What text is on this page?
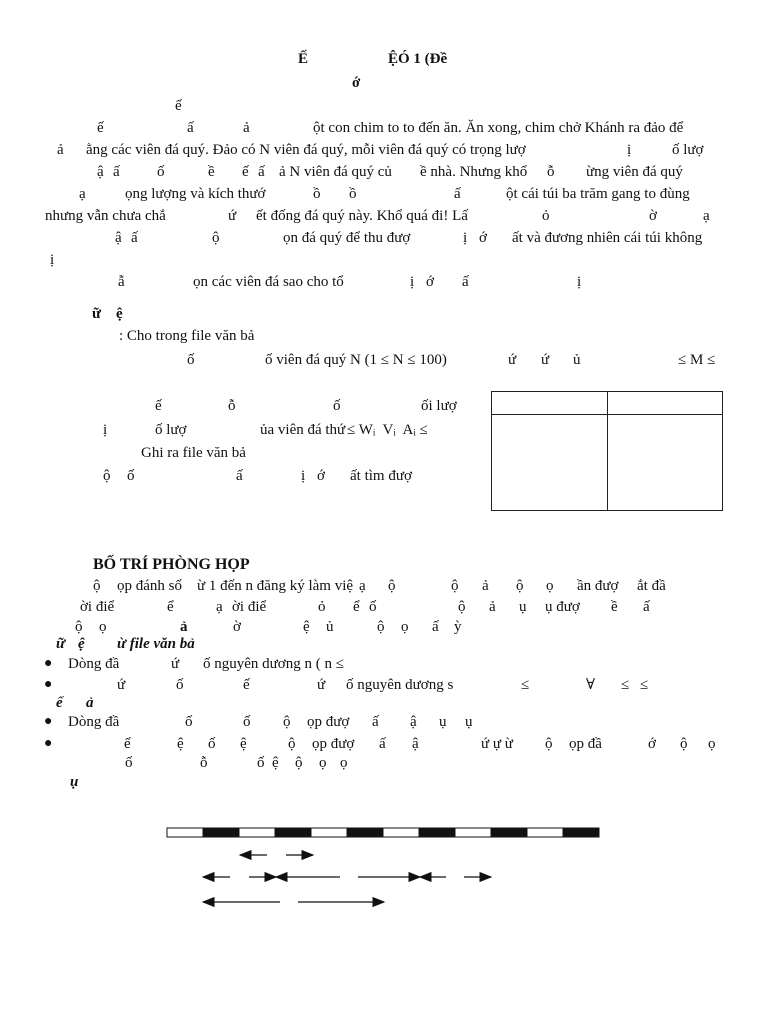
Ế	Ệ Ó 1 (Đề
ớ
ế
ế	ấ	ả	ột con chim to to đến ăn. Ăn xong, chim chở Khánh ra đảo để
ả ằng các viên đá quý. Đảo có N viên đá quý, mỗi viên đá quý có trọng lượ	ị	ố lượ
ậ ấ ố	ề ế ấ ả N viên đá quý củ ề nhà. Nhưng khổ ỗ ừng viên đá quý
ạ	ọng lượng và kích thướ	ồ ồ	ấ	ột cái túi ba trăm gang to đùng
nhưng vẫn chưa chắ	ứ ết đống đá quý này. Khổ quá đi! Lấ	ỏ	ờ	ạ
ậ ấ	ộ	ọn đá quý để thu đượ	ị ớ ất và đương nhiên cái túi không
ị
ẫ	ọn các viên đá sao cho tổ	ị ớ ấ	ị
ữ ệ
: Cho trong file văn bả
ố	ố viên đá quý N (1 ≤ N ≤ 100)	ứ ứ ủ	≤ M ≤
ế	ỗ	ố	ối lượ
ị	ố lượ	ủa viên đá thứ ≤ Wᵢ  Vᵢ  Aᵢ ≤
Ghi ra file văn bả
ộ ố	ấ	ị ớ ất tìm đượ

BỐ TRÍ PHÒNG HỌP
ộ ọp đánh số ừ 1 đến n đăng ký làm việ ạ ộ	ộ ả ộ ọ ần đượ ắt đầ
ời điể	ể	ạ ời điể	ỏ ể ố	ộ ả ụ ụ đượ ề ấ
ộ ọ	ả	ờ	ệ ủ	ộ ọ ấ ỳ
ữ ệ ừ file văn bả
Dòng đầ	ứ ố nguyên dương n ( n ≤
ứ	ố	ế	ứ ố nguyên dương s	≤	∀ ≤ ≤
ế ả
Dòng đầ	ố	ố ộ ọp đượ ấ ậ ụ ụ
ể	ệ ố ệ	ộ ọp đượ ấ ậ	ứ ự ừ ộ ọp đầ	ớ ộ ọ
ố	ỗ	ố ệ ộ ọ ọ
ụ
●
●
●
●
